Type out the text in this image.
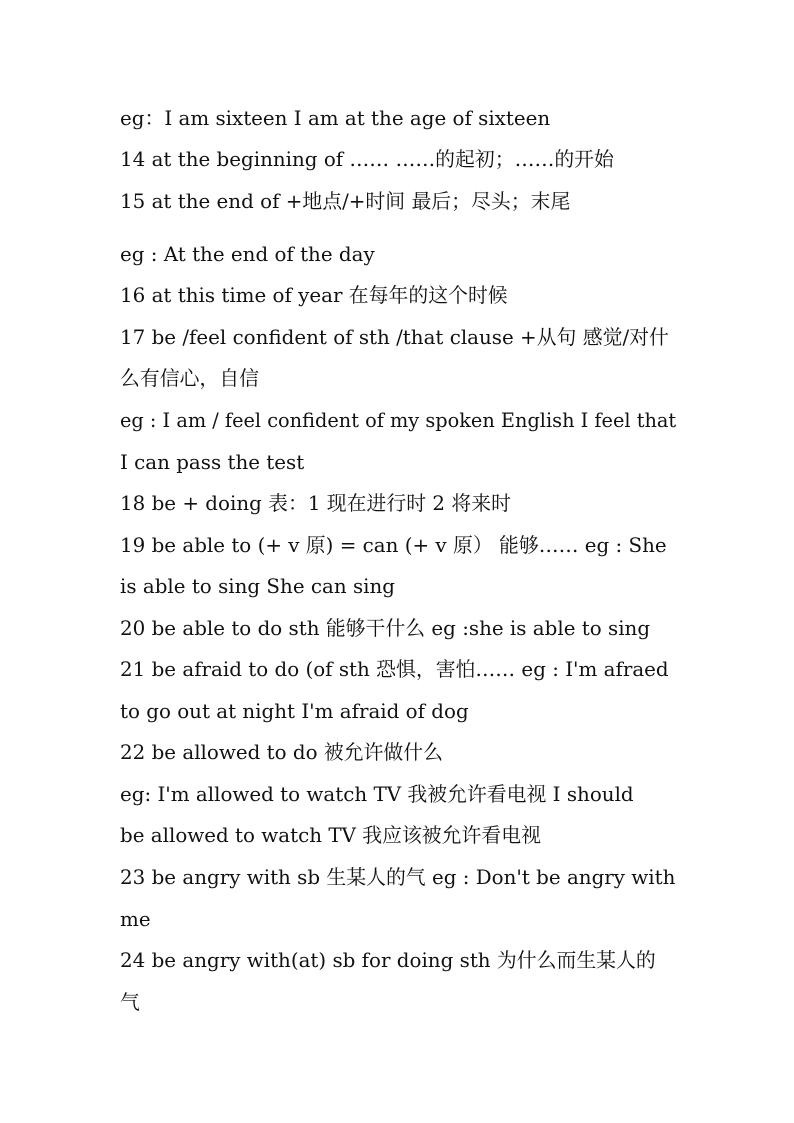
eg：I am sixteen I am at the age of sixteen

14 at the beginning of …… ……的起初；……的开始

15 at the end of +地点/+时间 最后；尽头；末尾

eg : At the end of the day

16 at this time of year 在每年的这个时候

17 be /feel confident of sth /that clause +从句 感觉/对什

么有信心，自信

eg : I am / feel confident of my spoken English I feel that

I can pass the test

18 be + doing 表：1 现在进行时 2 将来时

19 be able to (+ v 原) = can (+ v 原） 能够…… eg : She

is able to sing She can sing

20 be able to do sth 能够干什么 eg :she is able to sing

21 be afraid to do (of sth 恐惧，害怕…… eg : I'm afraed

to go out at night I'm afraid of dog

22 be allowed to do 被允许做什么

eg: I'm allowed to watch TV 我被允许看电视 I should

be allowed to watch TV 我应该被允许看电视

23 be angry with sb 生某人的气 eg : Don't be angry with

me

24 be angry with(at) sb for doing sth 为什么而生某人的

气
